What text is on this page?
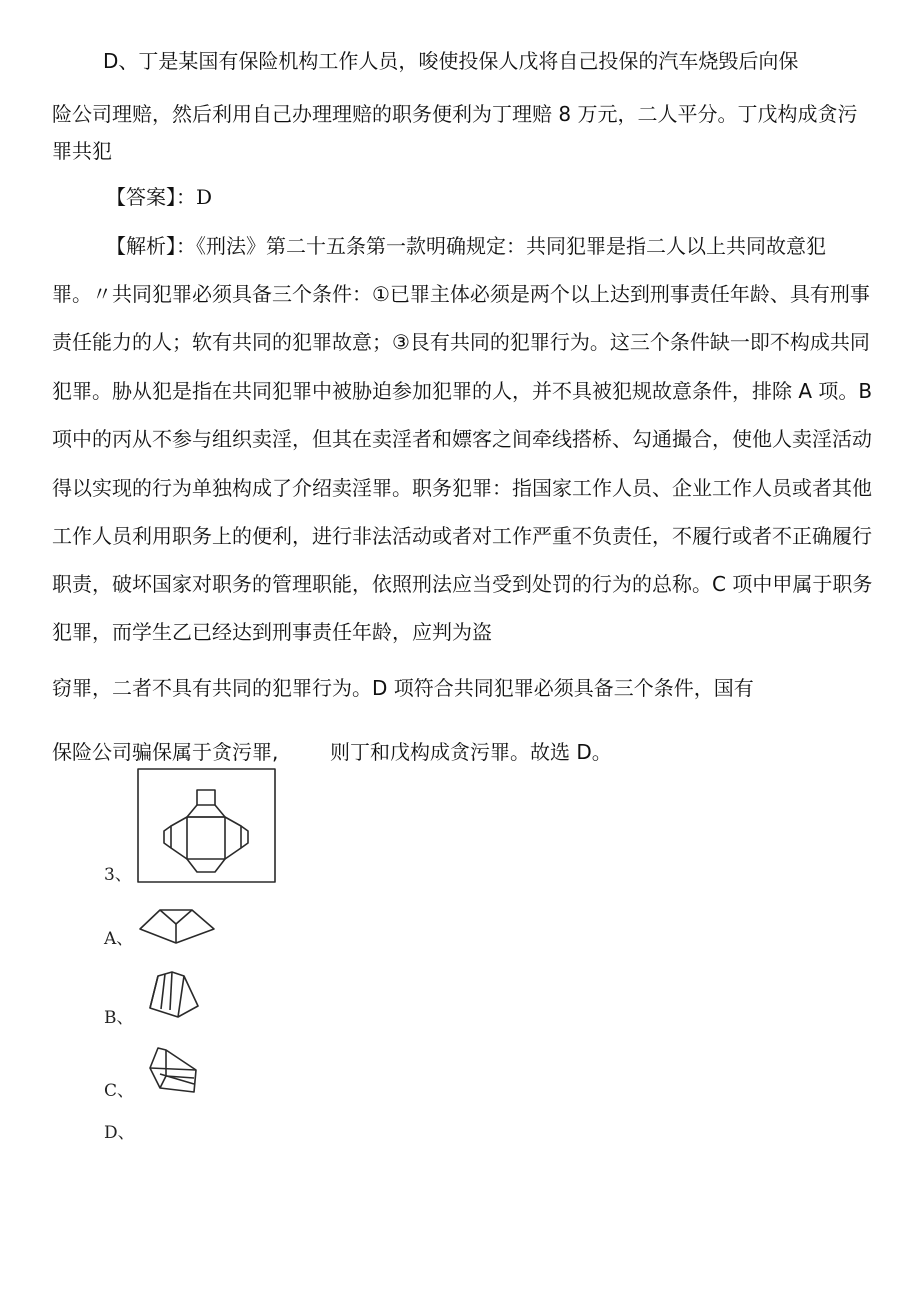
D、丁是某国有保险机构工作人员，唆使投保人戊将自己投保的汽车烧毁后向保
险公司理赔，然后利用自己办理理赔的职务便利为丁理赔 8 万元，二人平分。丁戊构成贪污
罪共犯
【答案】：D
【解析】：《刑法》第二十五条第一款明确规定：共同犯罪是指二人以上共同故意犯
罪。〃共同犯罪必须具备三个条件：①已罪主体必须是两个以上达到刑事责任年龄、具有刑事
责任能力的人；软有共同的犯罪故意；③艮有共同的犯罪行为。这三个条件缺一即不构成共同
犯罪。胁从犯是指在共同犯罪中被胁迫参加犯罪的人，并不具被犯规故意条件，排除 A 项。B
项中的丙从不参与组织卖淫，但其在卖淫者和嫖客之间牵线搭桥、勾通撮合，使他人卖淫活动
得以实现的行为单独构成了介绍卖淫罪。职务犯罪：指国家工作人员、企业工作人员或者其他
工作人员利用职务上的便利，进行非法活动或者对工作严重不负责任，不履行或者不正确履行
职责，破坏国家对职务的管理职能，依照刑法应当受到处罚的行为的总称。C 项中甲属于职务
犯罪，而学生乙已经达到刑事责任年龄，应判为盗
窃罪，二者不具有共同的犯罪行为。D 项符合共同犯罪必须具备三个条件，国有
保险公司骗保属于贪污罪,	则丁和戊构成贪污罪。故选 D。
3、
A、
B、
C、
D、
